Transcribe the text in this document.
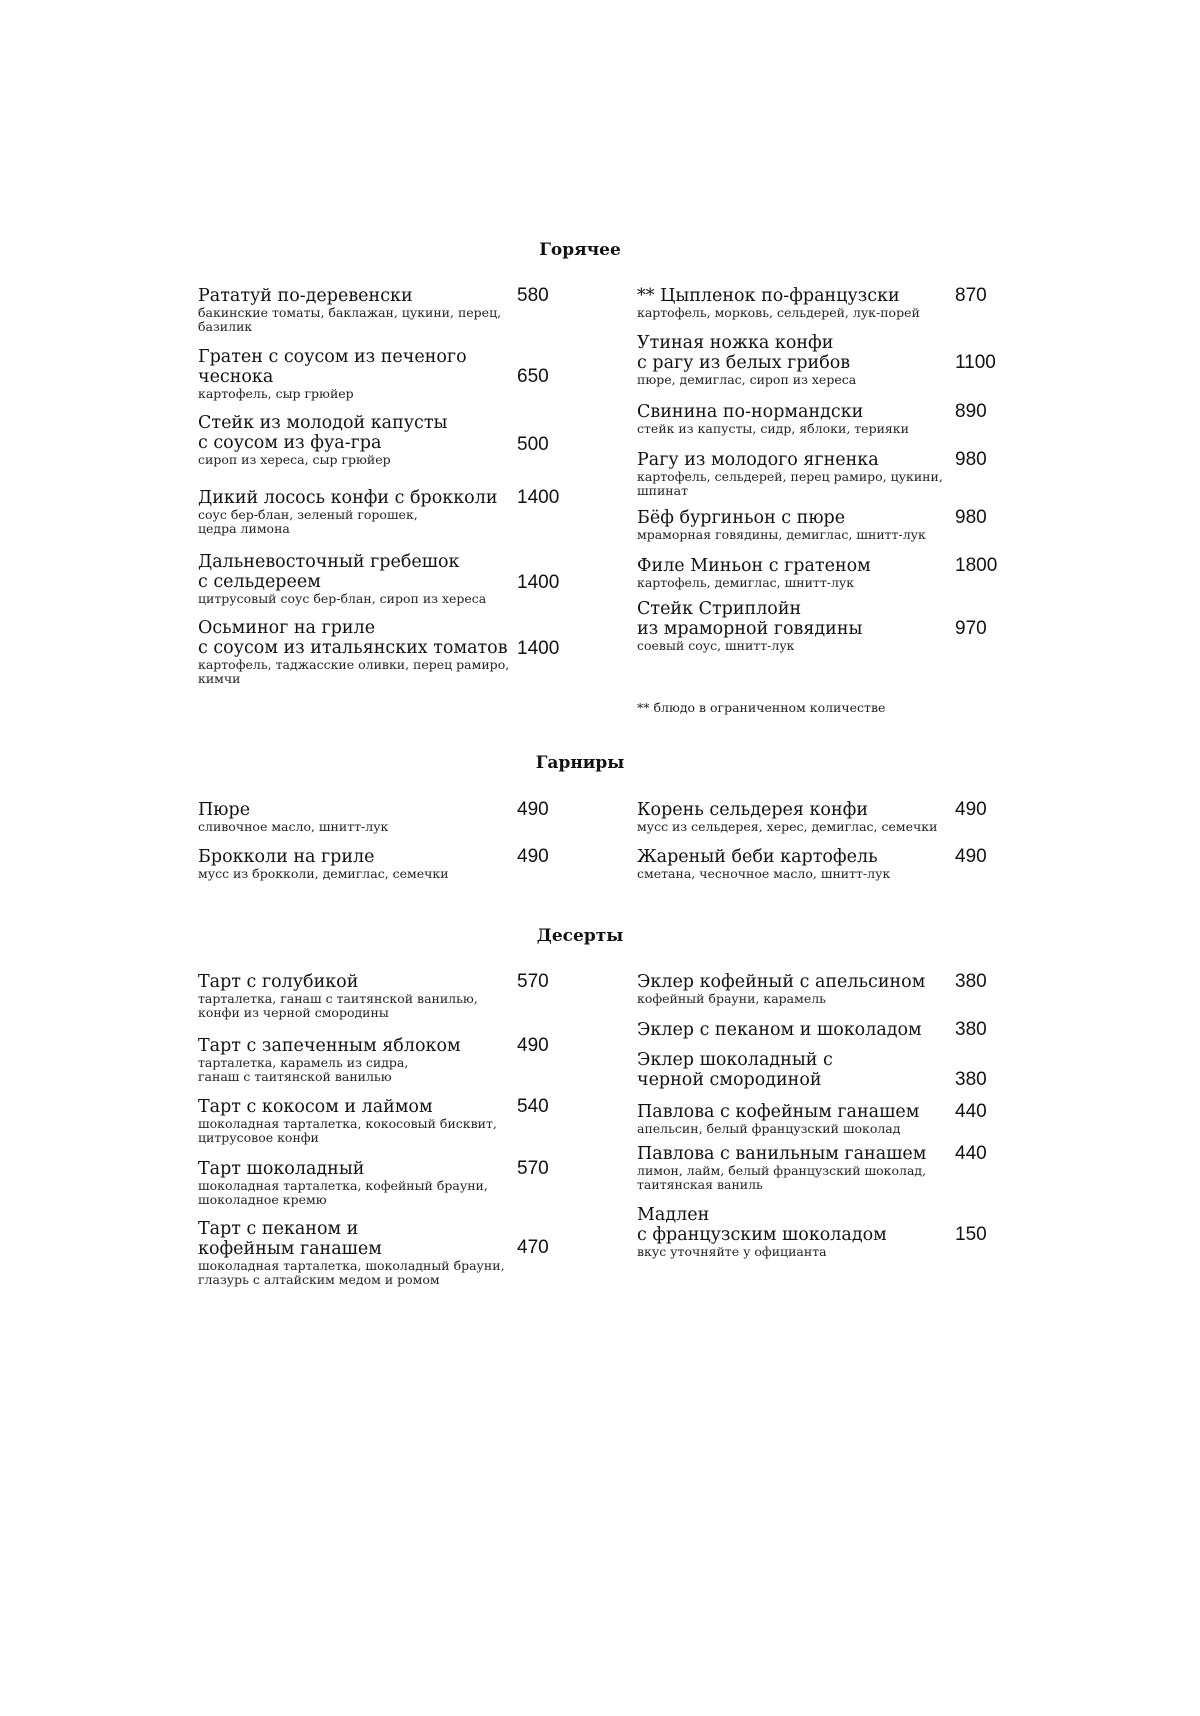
Горячее
Рататуй по-деревенски
бакинские томаты, баклажан, цукини, перец,
базилик
580
Гратен с соусом из печеного
чеснока
картофель, сыр грюйер
650
Стейк из молодой капусты
с соусом из фуа-гра
сироп из хереса, сыр грюйер
500
Дикий лосось конфи с брокколи
соус бер-блан, зеленый горошек,
цедра лимона
1400
Дальневосточный гребешок
с сельдереем
цитрусовый соус бер-блан, сироп из хереса
1400
Осьминог на гриле
с соусом из итальянских томатов
картофель, таджасские оливки, перец рамиро,
кимчи
1400
** Цыпленок по-французски
картофель, морковь, сельдерей, лук-порей
870
Утиная ножка конфи
с рагу из белых грибов
пюре, демиглас, сироп из хереса
1100
Свинина по-нормандски
стейк из капусты, сидр, яблоки, терияки
890
Рагу из молодого ягненка
картофель, сельдерей, перец рамиро, цукини,
шпинат
980
Бёф бургиньон с пюре
мраморная говядины, демиглас, шнитт-лук
980
Филе Миньон с гратеном
картофель, демиглас, шнитт-лук
1800
Стейк Стриплойн
из мраморной говядины
соевый соус, шнитт-лук
970
** блюдо в ограниченном количестве
Гарниры
Пюре
сливочное масло, шнитт-лук
490
Брокколи на гриле
мусс из брокколи, демиглас, семечки
490
Корень сельдерея конфи
мусс из сельдерея, херес, демиглас, семечки
490
Жареный беби картофель
сметана, чесночное масло, шнитт-лук
490
Десерты
Тарт с голубикой
тарталетка, ганаш с таитянской ванилью,
конфи из черной смородины
570
Тарт с запеченным яблоком
тарталетка, карамель из сидра,
ганаш с таитянской ванилью
490
Тарт с кокосом и лаймом
шоколадная тарталетка, кокосовый бисквит,
цитрусовое конфи
540
Тарт шоколадный
шоколадная тарталетка, кофейный брауни,
шоколадное кремю
570
Тарт с пеканом и
кофейным ганашем
шоколадная тарталетка, шоколадный брауни,
глазурь с алтайским медом и ромом
470
Эклер кофейный с апельсином
кофейный брауни, карамель
380
Эклер с пеканом и шоколадом	380
Эклер шоколадный с
черной смородиной	380
Павлова с кофейным ганашем
апельсин, белый французский шоколад
440
Павлова с ванильным ганашем
лимон, лайм, белый французский шоколад,
таитянская ваниль
440
Мадлен
с французским шоколадом
вкус уточняйте у официанта
150
